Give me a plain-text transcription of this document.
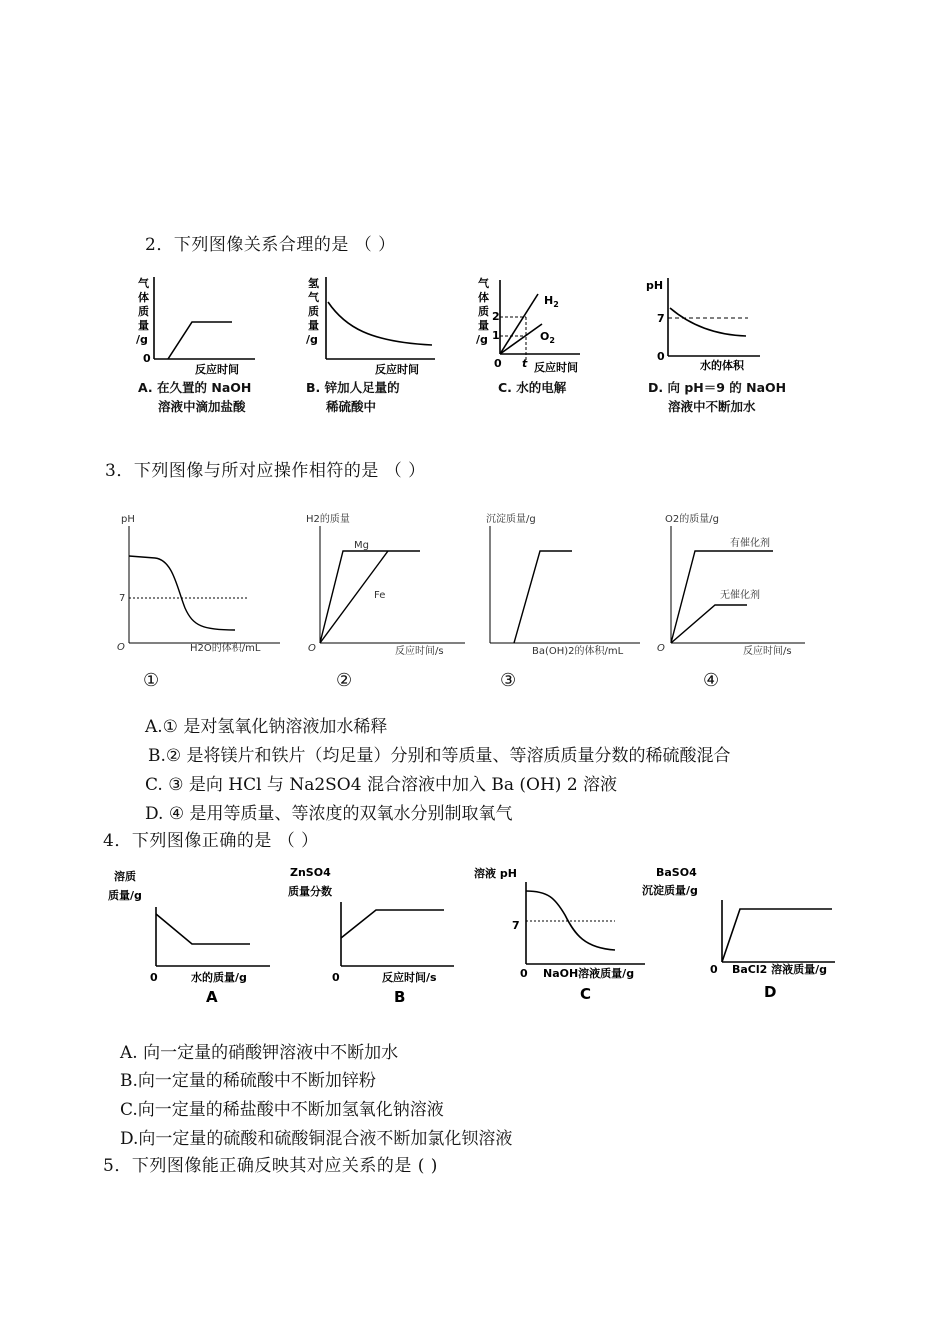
2．下列图像关系合理的是 （ ）
气
体
质
量
/g
0
反应时间
A. 在久置的 NaOH
溶液中滴加盐酸
氢
气
质
量
/g
反应时间
B. 锌加人足量的
稀硫酸中
气
体
质
量
/g
2
1
0 t
$H_2$
$O_2$
反应时间
C. 水的电解
pH
7
0
水的体积
D. 向 pH＝9 的 NaOH
溶液中不断加水
3．下列图像与所对应操作相符的是 （ ）
pH
7
O	H2O的体积/mL
①
H2的质量
O
Mg
Fe
反应时间/s
②
沉淀质量/g
Ba(OH)2的体积/mL
③
O2的质量/g
O
有催化剂
无催化剂
反应时间/s
④
A.① 是对氢氧化钠溶液加水稀释
B.② 是将镁片和铁片（均足量）分别和等质量、等溶质质量分数的稀硫酸混合
C. ③ 是向 HCl 与 Na2SO4 混合溶液中加入 Ba (OH) 2 溶液
D. ④ 是用等质量、等浓度的双氧水分别制取氧气
4．下列图像正确的是 （ ）
溶质
质量/g
0	水的质量/g
A
ZnSO4
质量分数
0	反应时间/s
B
溶液 pH
7
0 NaOH溶液质量/g
C
BaSO4
沉淀质量/g
0 BaCl2 溶液质量/g
D
A. 向一定量的硝酸钾溶液中不断加水
B.向一定量的稀硫酸中不断加锌粉
C.向一定量的稀盐酸中不断加氢氧化钠溶液
D.向一定量的硫酸和硫酸铜混合液不断加氯化钡溶液
5．下列图像能正确反映其对应关系的是 ( )
